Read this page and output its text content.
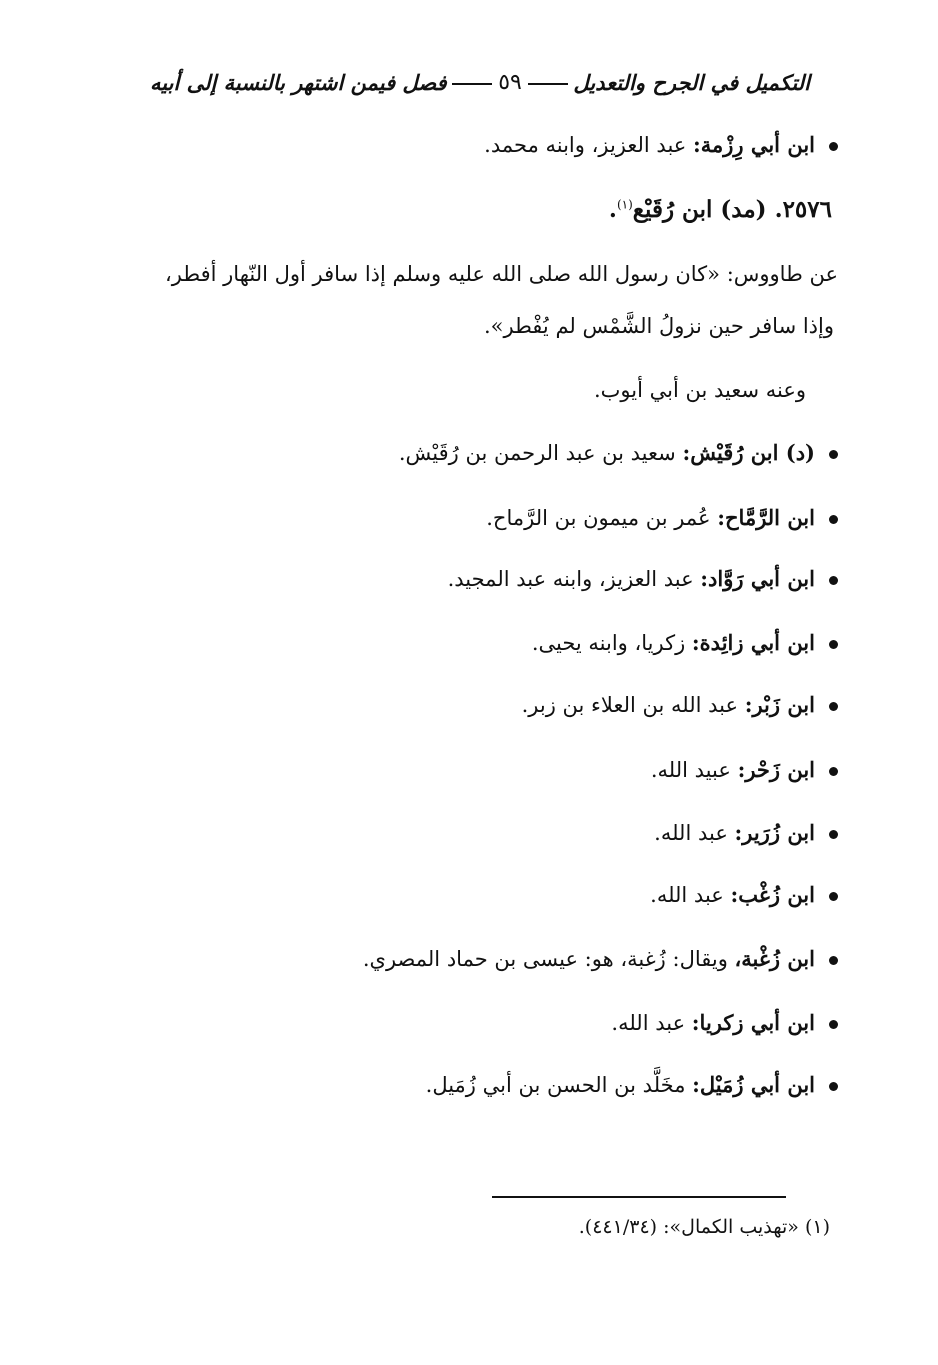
التكميل في الجرح والتعديل
٥٩
فصل فيمن اشتهر بالنسبة إلى أبيه
ابن أبي رِزْمة: عبد العزيز، وابنه محمد.
٢٥٧٦. (مد) ابن رُقَيْع$^{(١)}$.
عن طاووس: «كان رسول الله صلى الله عليه وسلم إذا سافر أول النّهار أفطر،
وإذا سافر حين نزولُ الشَّمْس لم يُفْطر».
وعنه سعيد بن أبي أيوب.
(د) ابن رُقَيْش: سعيد بن عبد الرحمن بن رُقَيْش.
ابن الرَّمَّاح: عُمر بن ميمون بن الرَّماح.
ابن أبي رَوَّاد: عبد العزيز، وابنه عبد المجيد.
ابن أبي زائِدة: زكريا، وابنه يحيى.
ابن زَبْر: عبد الله بن العلاء بن زبر.
ابن زَحْر: عبيد الله.
ابن زُرَير: عبد الله.
ابن زُغْب: عبد الله.
ابن زُغْبة، ويقال: زُغبة، هو: عيسى بن حماد المصري.
ابن أبي زكريا: عبد الله.
ابن أبي زُمَيْل: مخَلَّد بن الحسن بن أبي زُمَيل.
(١) «تهذيب الكمال»: (٤٤١/٣٤).
